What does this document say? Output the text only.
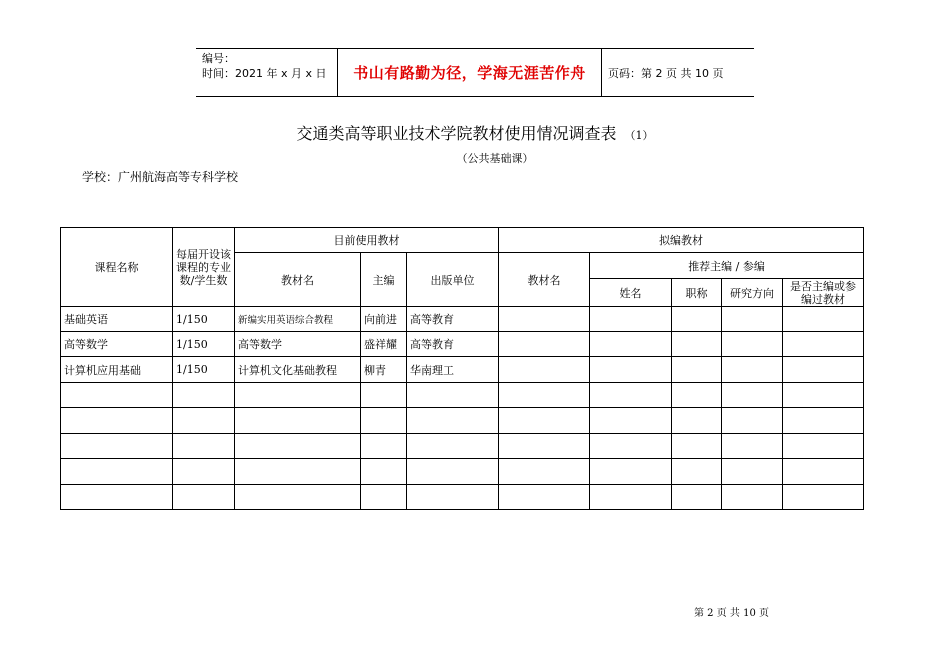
编号：
时间：2021 年 x 月 x 日	书山有路勤为径，学海无涯苦作舟	页码：第 2 页 共 10 页
交通类高等职业技术学院教材使用情况调查表 （1）
（公共基础课）
学校：广州航海高等专科学校
课程名称	每届开设该课程的专业数/学生数	目前使用教材			拟编教材				
		教材名	主编	出版单位	教材名	推荐主编 / 参编			
						姓名	职称	研究方向	是否主编或参编过教材
基础英语	1/150	新编实用英语综合教程	向前进	高等教育					
高等数学	1/150	高等数学	盛祥耀	高等教育					
计算机应用基础	1/150	计算机文化基础教程	柳青	华南理工					

第 2 页 共 10 页
